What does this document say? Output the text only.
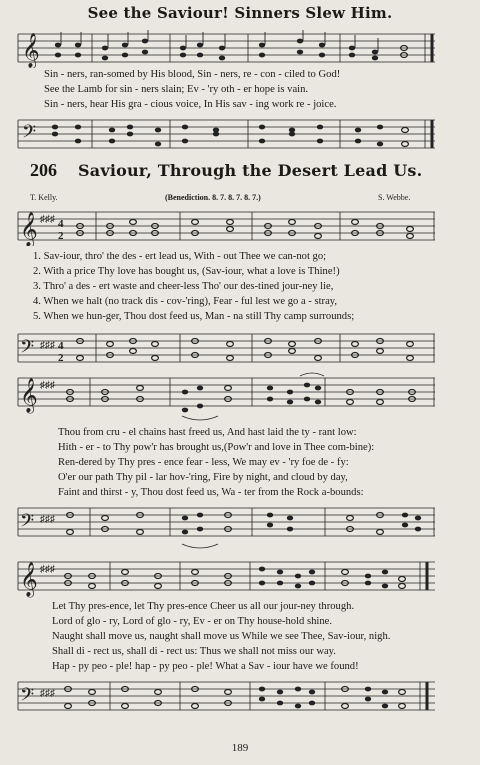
See the Saviour! Sinners Slew Him.
𝄞
Sin - ners, ran-somed by His blood, Sin - ners, re - con - ciled to God!
See the Lamb for sin - ners slain; Ev - 'ry oth - er hope is vain.
Sin - ners, hear His gra - cious voice, In His sav - ing work re - joice.
𝄢
206 Saviour, Through the Desert Lead Us.
T. Kelly.	(Benediction. 8. 7. 8. 7. 8. 7.)	S. Webbe.
𝄞 ♯♯♯ 4
2
1. Sav-iour, thro' the des - ert lead us, With - out Thee we can-not go;
2. With a price Thy love has bought us, (Sav-iour, what a love is Thine!)
3. Thro' a des - ert waste and cheer-less Tho' our des-tined jour-ney lie,
4. When we halt (no track dis - cov-'ring), Fear - ful lest we go a - stray,
5. When we hun-ger, Thou dost feed us, Man - na still Thy camp surrounds;
𝄢 ♯♯♯ 4
2
𝄞 ♯♯♯
Thou from cru - el chains hast freed us, And hast laid the ty - rant low:
Hith - er - to Thy pow'r has brought us,(Pow'r and love in Thee com-bine):
Ren-dered by Thy pres - ence fear - less, We may ev - 'ry foe de - fy:
O'er our path Thy pil - lar hov-'ring, Fire by night, and cloud by day,
Faint and thirst - y, Thou dost feed us, Wa - ter from the Rock a-bounds:
𝄢 ♯♯♯
𝄞 ♯♯♯
Let Thy pres-ence, let Thy pres-ence Cheer us all our jour-ney through.
Lord of glo - ry, Lord of glo - ry, Ev - er on Thy house-hold shine.
Naught shall move us, naught shall move us While we see Thee, Sav-iour, nigh.
Shall di - rect us, shall di - rect us: Thus we shall not miss our way.
Hap - py peo - ple! hap - py peo - ple! What a Sav - iour have we found!
𝄢 ♯♯♯
189
